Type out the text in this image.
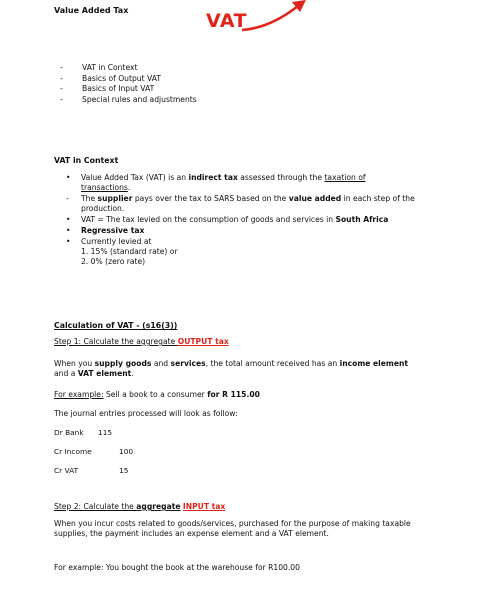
Value Added Tax	VAT
- VAT in Context
- Basics of Output VAT
- Basics of Input VAT
- Special rules and adjustments
VAT in Context
• Value Added Tax (VAT) is an indirect tax assessed through the taxation of transactions.
- The supplier pays over the tax to SARS based on the value added in each step of the production.
• VAT = The tax levied on the consumption of goods and services in South Africa
• Regressive tax
• Currently levied at
1. 15% (standard rate) or
2. 0% (zero rate)
Calculation of VAT - (s16(3))
Step 1: Calculate the aggregate OUTPUT tax

When you supply goods and services, the total amount received has an income element and a VAT element.

For example: Sell a book to a consumer for R 115.00
The journal entries processed will look as follow:
Dr Bank 115
Cr Income	100
Cr VAT	15
Step 2: Calculate the aggregate INPUT tax

When you incur costs related to goods/services, purchased for the purpose of making taxable supplies, the payment includes an expense element and a VAT element.

For example: You bought the book at the warehouse for R100.00
